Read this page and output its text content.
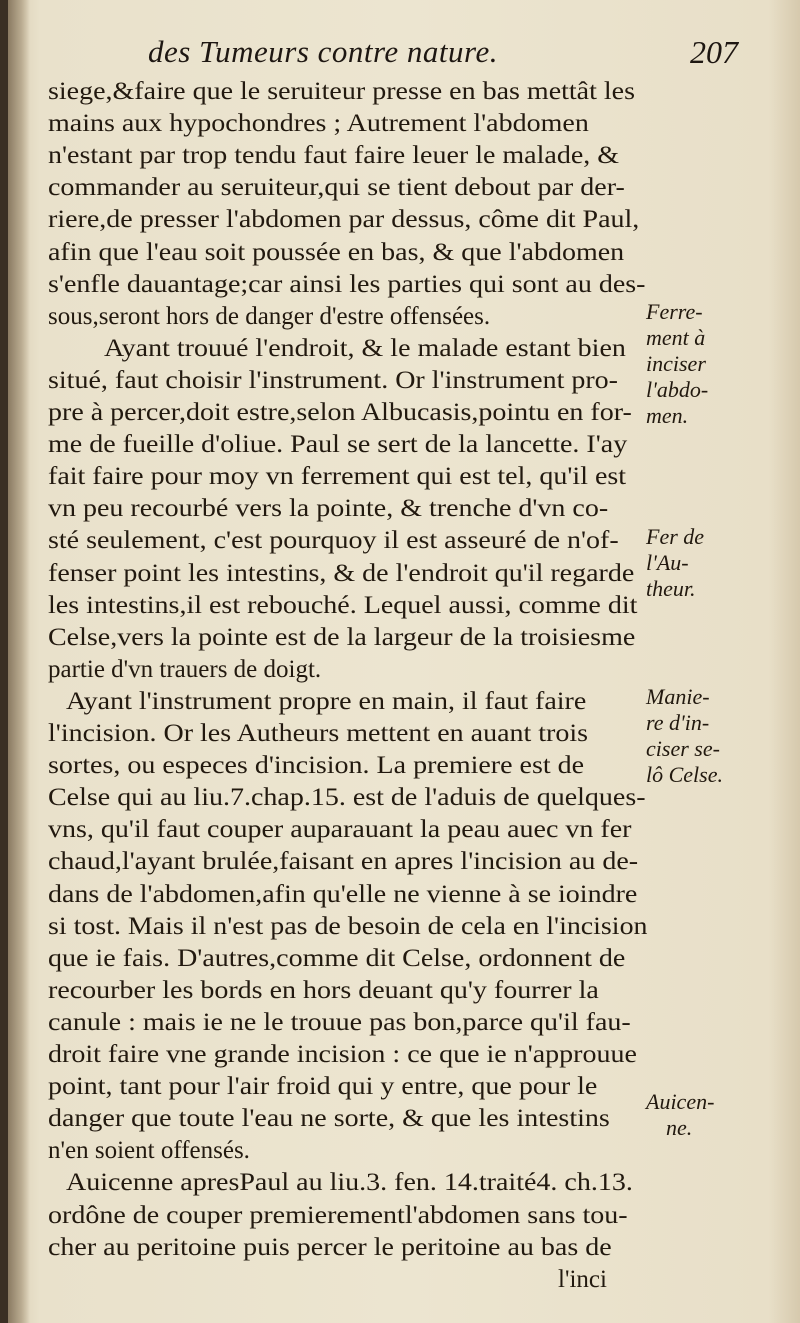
des Tumeurs contre nature.	207
siege,&faire que le seruiteur presse en bas mettât les
mains aux hypochondres ; Autrement l'abdomen
n'estant par trop tendu faut faire leuer le malade, &
commander au seruiteur,qui se tient debout par der-
riere,de presser l'abdomen par dessus, côme dit Paul,
afin que l'eau soit poussée en bas, & que l'abdomen
s'enfle dauantage;car ainsi les parties qui sont au des-
sous,seront hors de danger d'estre offensées.
Ayant trouué l'endroit, & le malade estant bien
situé, faut choisir l'instrument. Or l'instrument pro-
pre à percer,doit estre,selon Albucasis,pointu en for-
me de fueille d'oliue. Paul se sert de la lancette. I'ay
fait faire pour moy vn ferrement qui est tel, qu'il est
vn peu recourbé vers la pointe, & trenche d'vn co-
sté seulement, c'est pourquoy il est asseuré de n'of-
fenser point les intestins, & de l'endroit qu'il regarde
les intestins,il est rebouché. Lequel aussi, comme dit
Celse,vers la pointe est de la largeur de la troisiesme
partie d'vn trauers de doigt.
Ayant l'instrument propre en main, il faut faire
l'incision. Or les Autheurs mettent en auant trois
sortes, ou especes d'incision. La premiere est de
Celse qui au liu.7.chap.15. est de l'aduis de quelques-
vns, qu'il faut couper auparauant la peau auec vn fer
chaud,l'ayant brulée,faisant en apres l'incision au de-
dans de l'abdomen,afin qu'elle ne vienne à se ioindre
si tost. Mais il n'est pas de besoin de cela en l'incision
que ie fais. D'autres,comme dit Celse, ordonnent de
recourber les bords en hors deuant qu'y fourrer la
canule : mais ie ne le trouue pas bon,parce qu'il fau-
droit faire vne grande incision : ce que ie n'approuue
point, tant pour l'air froid qui y entre, que pour le
danger que toute l'eau ne sorte, & que les intestins
n'en soient offensés.
Auicenne apresPaul au liu.3. fen. 14.traité4. ch.13.
ordône de couper premierementl'abdomen sans tou-
cher au peritoine puis percer le peritoine au bas de
l'inci
Ferre-
ment à
inciser
l'abdo-
men.
Fer de
l'Au-
theur.
Manie-
re d'in-
ciser se-
lô Celse.
Auicen-
ne.
